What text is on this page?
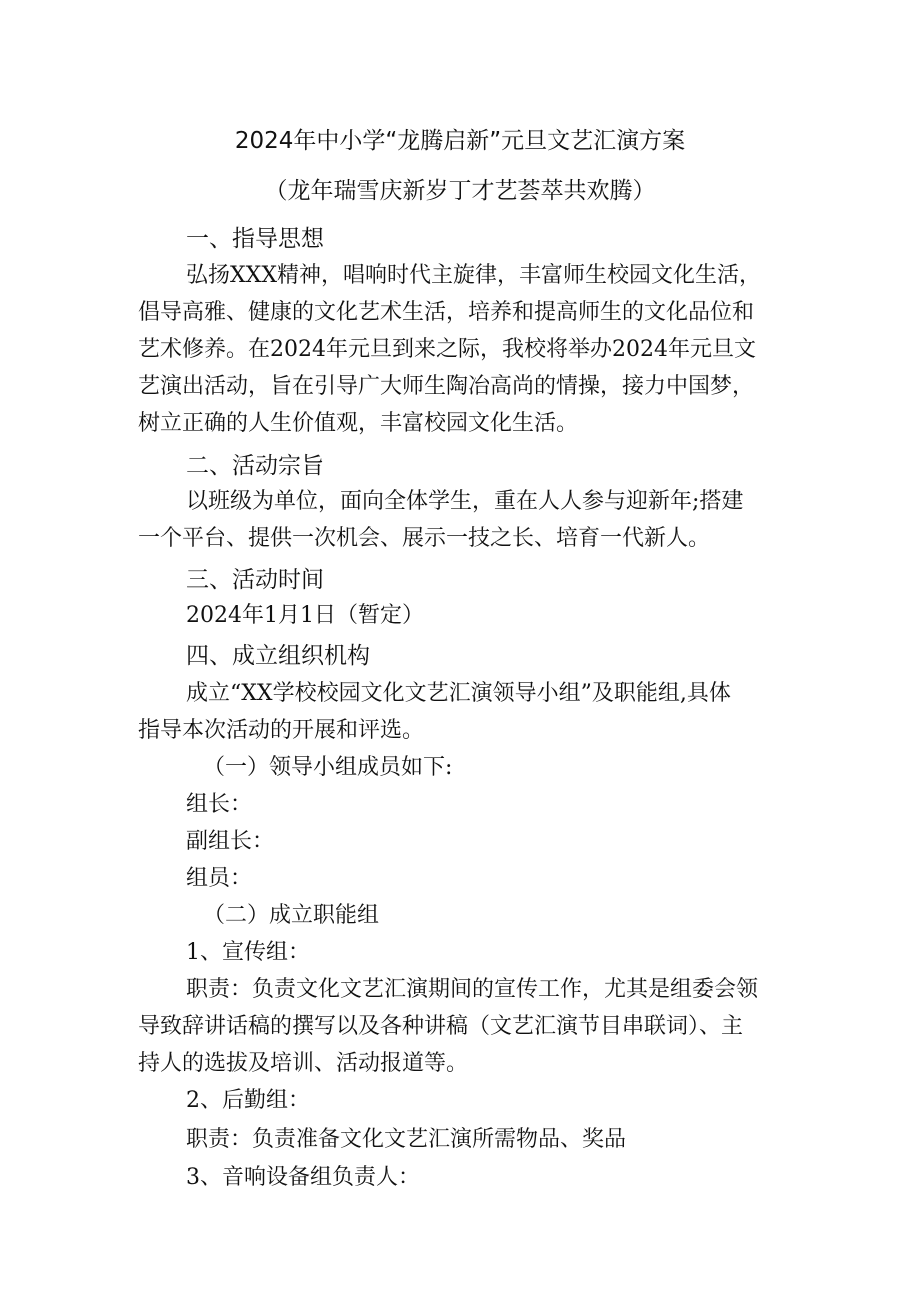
2024年中小学“龙腾启新”元旦文艺汇演方案
（龙年瑞雪庆新岁丁才艺荟萃共欢腾）
一、指导思想
弘扬XXX精神，唱响时代主旋律，丰富师生校园文化生活，
倡导高雅、健康的文化艺术生活，培养和提高师生的文化品位和
艺术修养。在2024年元旦到来之际，我校将举办2024年元旦文
艺演出活动，旨在引导广大师生陶冶高尚的情操，接力中国梦，
树立正确的人生价值观，丰富校园文化生活。
二、活动宗旨
以班级为单位，面向全体学生，重在人人参与迎新年;搭建
一个平台、提供一次机会、展示一技之长、培育一代新人。
三、活动时间
2024年1月1日（暂定）
四、成立组织机构
成立“XX学校校园文化文艺汇演领导小组”及职能组,具体
指导本次活动的开展和评选。
（一）领导小组成员如下:
组长：
副组长：
组员：
（二）成立职能组
1、宣传组：
职责：负责文化文艺汇演期间的宣传工作，尤其是组委会领
导致辞讲话稿的撰写以及各种讲稿（文艺汇演节目串联词）、主
持人的选拔及培训、活动报道等。
2、后勤组：
职责：负责准备文化文艺汇演所需物品、奖品
3、音响设备组负责人：
